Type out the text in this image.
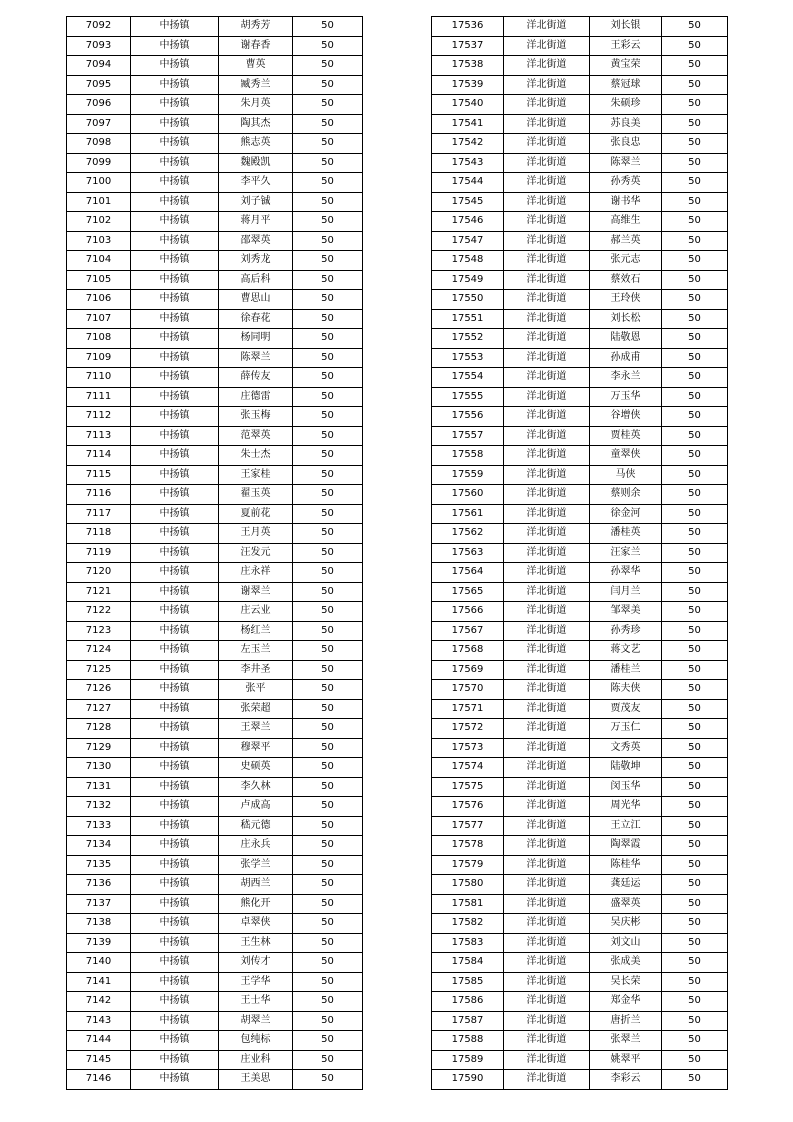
7092	中扬镇	胡秀芳	50
7093	中扬镇	谢春香	50
7094	中扬镇	曹英	50
7095	中扬镇	臧秀兰	50
7096	中扬镇	朱月英	50
7097	中扬镇	陶其杰	50
7098	中扬镇	熊志英	50
7099	中扬镇	魏殿凯	50
7100	中扬镇	李平久	50
7101	中扬镇	刘子铖	50
7102	中扬镇	蒋月平	50
7103	中扬镇	邵翠英	50
7104	中扬镇	刘秀龙	50
7105	中扬镇	高后科	50
7106	中扬镇	曹思山	50
7107	中扬镇	徐春花	50
7108	中扬镇	杨同明	50
7109	中扬镇	陈翠兰	50
7110	中扬镇	薛传友	50
7111	中扬镇	庄德雷	50
7112	中扬镇	张玉梅	50
7113	中扬镇	范翠英	50
7114	中扬镇	朱士杰	50
7115	中扬镇	王家桂	50
7116	中扬镇	翟玉英	50
7117	中扬镇	夏前花	50
7118	中扬镇	王月英	50
7119	中扬镇	汪发元	50
7120	中扬镇	庄永祥	50
7121	中扬镇	谢翠兰	50
7122	中扬镇	庄云业	50
7123	中扬镇	杨红兰	50
7124	中扬镇	左玉兰	50
7125	中扬镇	李井圣	50
7126	中扬镇	张平	50
7127	中扬镇	张荣超	50
7128	中扬镇	王翠兰	50
7129	中扬镇	穆翠平	50
7130	中扬镇	史硕英	50
7131	中扬镇	李久林	50
7132	中扬镇	卢成高	50
7133	中扬镇	嵇元德	50
7134	中扬镇	庄永兵	50
7135	中扬镇	张学兰	50
7136	中扬镇	胡西兰	50
7137	中扬镇	熊化开	50
7138	中扬镇	卓翠侠	50
7139	中扬镇	王生林	50
7140	中扬镇	刘传才	50
7141	中扬镇	王学华	50
7142	中扬镇	王士华	50
7143	中扬镇	胡翠兰	50
7144	中扬镇	包纯标	50
7145	中扬镇	庄业科	50
7146	中扬镇	王美思	50
17536	洋北街道	刘长银	50
17537	洋北街道	王彩云	50
17538	洋北街道	黄宝荣	50
17539	洋北街道	蔡冠球	50
17540	洋北街道	朱硕珍	50
17541	洋北街道	苏良美	50
17542	洋北街道	张良忠	50
17543	洋北街道	陈翠兰	50
17544	洋北街道	孙秀英	50
17545	洋北街道	谢书华	50
17546	洋北街道	高维生	50
17547	洋北街道	郝兰英	50
17548	洋北街道	张元志	50
17549	洋北街道	蔡效石	50
17550	洋北街道	王玲侠	50
17551	洋北街道	刘长松	50
17552	洋北街道	陆敬恩	50
17553	洋北街道	孙成甫	50
17554	洋北街道	李永兰	50
17555	洋北街道	万玉华	50
17556	洋北街道	谷增侠	50
17557	洋北街道	贾桂英	50
17558	洋北街道	童翠侠	50
17559	洋北街道	马侠	50
17560	洋北街道	蔡则余	50
17561	洋北街道	徐金河	50
17562	洋北街道	潘桂英	50
17563	洋北街道	汪家兰	50
17564	洋北街道	孙翠华	50
17565	洋北街道	闫月兰	50
17566	洋北街道	邹翠美	50
17567	洋北街道	孙秀珍	50
17568	洋北街道	蒋文艺	50
17569	洋北街道	潘桂兰	50
17570	洋北街道	陈夫侠	50
17571	洋北街道	贾茂友	50
17572	洋北街道	万玉仁	50
17573	洋北街道	文秀英	50
17574	洋北街道	陆敬坤	50
17575	洋北街道	闵玉华	50
17576	洋北街道	周光华	50
17577	洋北街道	王立江	50
17578	洋北街道	陶翠霞	50
17579	洋北街道	陈桂华	50
17580	洋北街道	龚廷运	50
17581	洋北街道	盛翠英	50
17582	洋北街道	吴庆彬	50
17583	洋北街道	刘文山	50
17584	洋北街道	张成美	50
17585	洋北街道	吴长荣	50
17586	洋北街道	郑金华	50
17587	洋北街道	唐折兰	50
17588	洋北街道	张翠兰	50
17589	洋北街道	姚翠平	50
17590	洋北街道	李彩云	50
